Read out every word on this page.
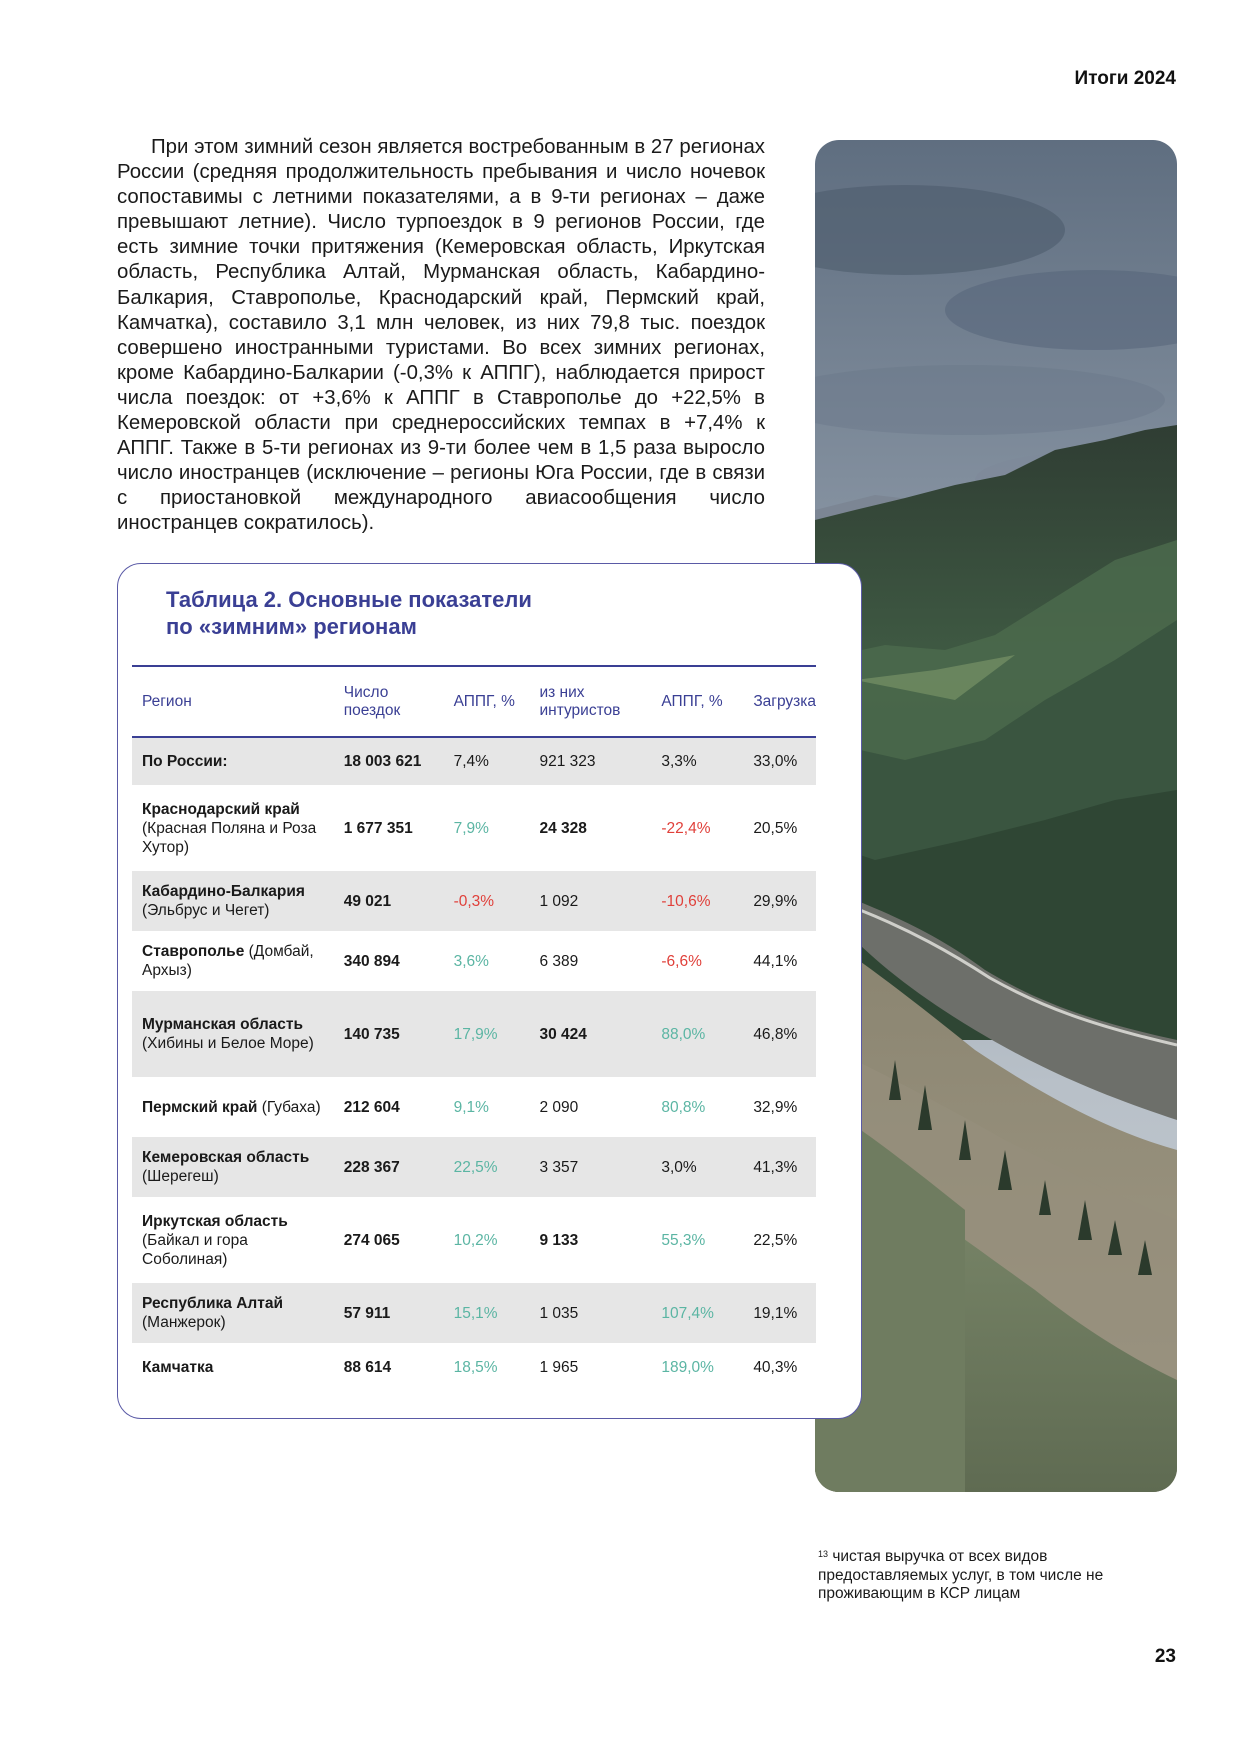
Итоги 2024

При этом зимний сезон является востребованным в 27 регионах России (средняя продолжительность пребывания и число ночевок сопоставимы с летними показателями, а в 9-ти регионах – даже превышают летние). Число турпоездок в 9 регионов России, где есть зимние точки притяжения (Кемеровская область, Иркутская область, Республика Алтай, Мурманская область, Кабардино-Балкария, Ставрополье, Краснодарский край, Пермский край, Камчатка), составило 3,1 млн человек, из них 79,8 тыс. поездок совершено иностранными туристами. Во всех зимних регионах, кроме Кабардино-Балкарии (-0,3% к АППГ), наблюдается прирост числа поездок: от +3,6% к АППГ в Ставрополье до +22,5% в Кемеровской области при среднероссийских темпах в +7,4% к АППГ. Также в 5-ти регионах из 9-ти более чем в 1,5 раза выросло число иностранцев (исключение – регионы Юга России, где в связи с приостановкой международного авиасообщения число иностранцев сократилось).

Таблица 2. Основные показатели
по «зимним» регионам
Регион	Число поездок	АППГ, %	из них интуристов	АППГ, %	Загрузка
По России:	18 003 621	7,4%	921 323	3,3%	33,0%
Краснодарский край (Красная Поляна и Роза Хутор)	1 677 351	7,9%	24 328	-22,4%	20,5%
Кабардино-Балкария (Эльбрус и Чегет)	49 021	-0,3%	1 092	-10,6%	29,9%
Ставрополье (Домбай, Архыз)	340 894	3,6%	6 389	-6,6%	44,1%
Мурманская область (Хибины и Белое Море)	140 735	17,9%	30 424	88,0%	46,8%
Пермский край (Губаха)	212 604	9,1%	2 090	80,8%	32,9%
Кемеровская область (Шерегеш)	228 367	22,5%	3 357	3,0%	41,3%
Иркутская область (Байкал и гора Соболиная)	274 065	10,2%	9 133	55,3%	22,5%
Республика Алтай (Манжерок)	57 911	15,1%	1 035	107,4%	19,1%
Камчатка	88 614	18,5%	1 965	189,0%	40,3%
$^{13}$ чистая выручка от всех видов предоставляемых услуг, в том числе не проживающим в КСР лицам
23
